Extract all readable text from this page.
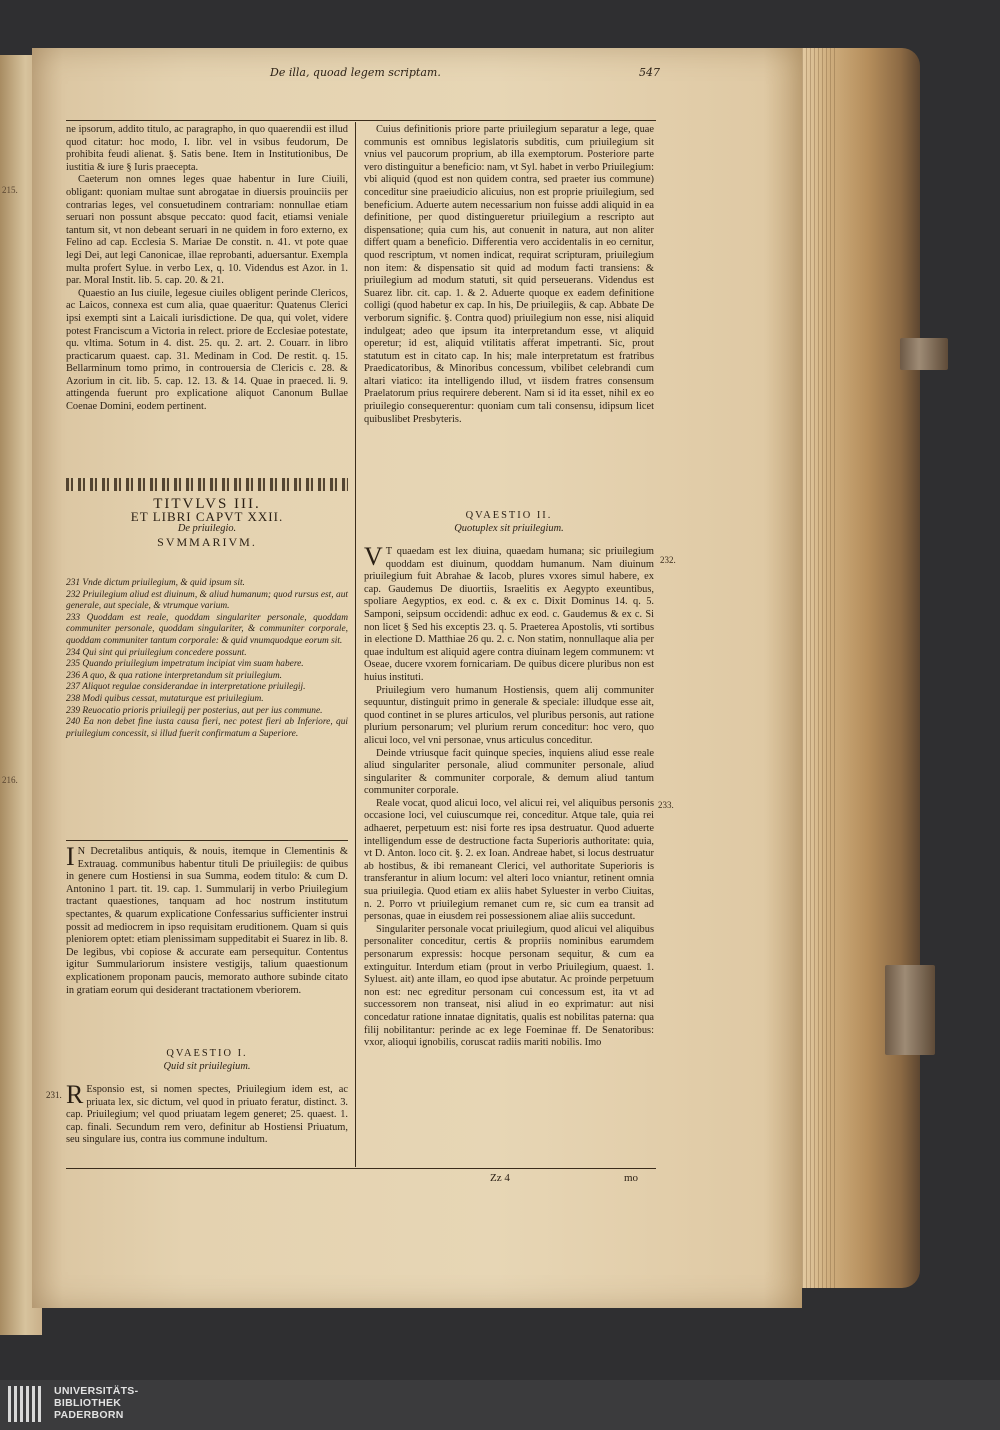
215.
216.
De illa, quoad legem scriptam.	547

ne ipsorum, addito titulo, ac paragrapho, in quo quaerendii est illud quod citatur: hoc modo, I. libr. vel in vsibus feudorum, De prohibita feudi alienat. §. Satis bene. Item in Institutionibus, De iustitia & iure § Iuris praecepta.

Caeterum non omnes leges quae habentur in Iure Ciuili, obligant: quoniam multae sunt abrogatae in diuersis prouinciis per contrarias leges, vel consuetudinem contrariam: nonnullae etiam seruari non possunt absque peccato: quod facit, etiamsi veniale tantum sit, vt non debeant seruari in ne quidem in foro externo, ex Felino ad cap. Ecclesia S. Mariae De constit. n. 41. vt pote quae legi Dei, aut legi Canonicae, illae reprobanti, aduersantur. Exempla multa profert Sylue. in verbo Lex, q. 10. Videndus est Azor. in 1. par. Moral Instit. lib. 5. cap. 20. & 21.

Quaestio an Ius ciuile, legesue ciuiles obligent perinde Clericos, ac Laicos, connexa est cum alia, quae quaeritur: Quatenus Clerici ipsi exempti sint a Laicali iurisdictione. De qua, qui volet, videre potest Franciscum a Victoria in relect. priore de Ecclesiae potestate, qu. vltima. Sotum in 4. dist. 25. qu. 2. art. 2. Couarr. in libro practicarum quaest. cap. 31. Medinam in Cod. De restit. q. 15. Bellarminum tomo primo, in controuersia de Clericis c. 28. & Azorium in cit. lib. 5. cap. 12. 13. & 14. Quae in praeced. li. 9. attingenda fuerunt pro explicatione aliquot Canonum Bullae Coenae Domini, eodem pertinent.

TITVLVS III.

ET LIBRI CAPVT XXII.

De priuilegio.

SVMMARIVM.

231 Vnde dictum priuilegium, & quid ipsum sit.

232 Priuilegium aliud est diuinum, & aliud humanum; quod rursus est, aut generale, aut speciale, & vtrumque varium.

233 Quoddam est reale, quoddam singulariter personale, quoddam communiter personale, quoddam singulariter, & communiter corporale, quoddam communiter tantum corporale: & quid vnumquodque eorum sit.

234 Qui sint qui priuilegium concedere possunt.

235 Quando priuilegium impetratum incipiat vim suam habere.

236 A quo, & qua ratione interpretandum sit priuilegium.

237 Aliquot regulae considerandae in interpretatione priuilegij.

238 Modi quibus cessat, mutaturque est priuilegium.

239 Reuocatio prioris priuilegij per posterius, aut per ius commune.

240 Ea non debet fine iusta causa fieri, nec potest fieri ab Inferiore, qui priuilegium concessit, si illud fuerit confirmatum a Superiore.

I N Decretalibus antiquis, & nouis, itemque in Clementinis & Extrauag. communibus habentur tituli De priuilegiis: de quibus in genere cum Hostiensi in sua Summa, eodem titulo: & cum D. Antonino 1 part. tit. 19. cap. 1. Summularij in verbo Priuilegium tractant quaestiones, tanquam ad hoc nostrum institutum spectantes, & quarum explicatione Confessarius sufficienter instrui possit ad mediocrem in ipso requisitam eruditionem. Quam si quis pleniorem optet: etiam plenissimam suppeditabit ei Suarez in lib. 8. De legibus, vbi copiose & accurate eam persequitur. Contentus igitur Summulariorum insistere vestigijs, talium quaestionum explicationem proponam paucis, memorato authore subinde citato in gratiam eorum qui desiderant tractationem vberiorem.

QVAESTIO I.

Quid sit priuilegium.

231. R Esponsio est, si nomen spectes, Priuilegium idem est, ac priuata lex, sic dictum, vel quod in priuato feratur, distinct. 3. cap. Priuilegium; vel quod priuatam legem generet; 25. quaest. 1. cap. finali. Secundum rem vero, definitur ab Hostiensi Priuatum, seu singulare ius, contra ius commune indultum.

Cuius definitionis priore parte priuilegium separatur a lege, quae communis est omnibus legislatoris subditis, cum priuilegium sit vnius vel paucorum proprium, ab illa exemptorum. Posteriore parte vero distinguitur a beneficio: nam, vt Syl. habet in verbo Priuilegium: vbi aliquid (quod est non quidem contra, sed praeter ius commune) conceditur sine praeiudicio alicuius, non est proprie priuilegium, sed beneficium. Aduerte autem necessarium non fuisse addi aliquid in ea definitione, per quod distingueretur priuilegium a rescripto aut dispensatione; quia cum his, aut conuenit in natura, aut non aliter differt quam a beneficio. Differentia vero accidentalis in eo cernitur, quod rescriptum, vt nomen indicat, requirat scripturam, priuilegium non item: & dispensatio sit quid ad modum facti transiens: & priuilegium ad modum statuti, sit quid perseuerans. Videndus est Suarez libr. cit. cap. 1. & 2. Aduerte quoque ex eadem definitione colligi (quod habetur ex cap. In his, De priuilegiis, & cap. Abbate De verborum signific. §. Contra quod) priuilegium non esse, nisi aliquid indulgeat; adeo que ipsum ita interpretandum esse, vt aliquid operetur; id est, aliquid vtilitatis afferat impetranti. Sic, prout statutum est in citato cap. In his; male interpretatum est fratribus Praedicatoribus, & Minoribus concessum, vbilibet celebrandi cum altari viatico: ita intelligendo illud, vt iisdem fratres consensum Praelatorum prius requirere deberent. Nam si id ita esset, nihil ex eo priuilegio consequerentur: quoniam cum tali consensu, idipsum licet quibuslibet Presbyteris.

QVAESTIO II.

Quotuplex sit priuilegium.

232.
233.

V T quaedam est lex diuina, quaedam humana; sic priuilegium quoddam est diuinum, quoddam humanum. Nam diuinum priuilegium fuit Abrahae & Iacob, plures vxores simul habere, ex cap. Gaudemus De diuortiis, Israelitis ex Aegypto exeuntibus, spoliare Aegyptios, ex eod. c. & ex c. Dixit Dominus 14. q. 5. Samponi, seipsum occidendi: adhuc ex eod. c. Gaudemus & ex c. Si non licet § Sed his exceptis 23. q. 5. Praeterea Apostolis, vti sortibus in electione D. Matthiae 26 qu. 2. c. Non statim, nonnullaque alia per quae indultum est aliquid agere contra diuinam legem communem: vt Oseae, ducere vxorem fornicariam. De quibus dicere pluribus non est huius instituti.

Priuilegium vero humanum Hostiensis, quem alij communiter sequuntur, distinguit primo in generale & speciale: illudque esse ait, quod continet in se plures articulos, vel pluribus personis, aut ratione plurium personarum; vel plurium rerum conceditur: hoc vero, quo alicui loco, vel vni personae, vnus articulus conceditur.

Deinde vtriusque facit quinque species, inquiens aliud esse reale aliud singulariter personale, aliud communiter personale, aliud singulariter & communiter corporale, & demum aliud tantum communiter corporale.

Reale vocat, quod alicui loco, vel alicui rei, vel aliquibus personis occasione loci, vel cuiuscumque rei, conceditur. Atque tale, quia rei adhaeret, perpetuum est: nisi forte res ipsa destruatur. Quod aduerte intelligendum esse de destructione facta Superioris authoritate: quia, vt D. Anton. loco cit. §. 2. ex Ioan. Andreae habet, si locus destruatur ab hostibus, & ibi remaneant Clerici, vel authoritate Superioris is transferantur in alium locum: vel alteri loco vniantur, retinent omnia sua priuilegia. Quod etiam ex aliis habet Syluester in verbo Ciuitas, n. 2. Porro vt priuilegium remanet cum re, sic cum ea transit ad personas, quae in eiusdem rei possessionem aliae aliis succedunt.

Singulariter personale vocat priuilegium, quod alicui vel aliquibus personaliter conceditur, certis & propriis nominibus earumdem personarum expressis: hocque personam sequitur, & cum ea extinguitur. Interdum etiam (prout in verbo Priuilegium, quaest. 1. Syluest. ait) ante illam, eo quod ipse abutatur. Ac proinde perpetuum non est: nec egreditur personam cui concessum est, ita vt ad successorem non transeat, nisi aliud in eo exprimatur: aut nisi concedatur ratione innatae dignitatis, qualis est nobilitas paterna: qua filij nobilitantur: perinde ac ex lege Foeminae ff. De Senatoribus: vxor, alioqui ignobilis, coruscat radiis mariti nobilis. Imo

Zz 4	mo
UNIVERSITÄTS-
BIBLIOTHEK
PADERBORN
